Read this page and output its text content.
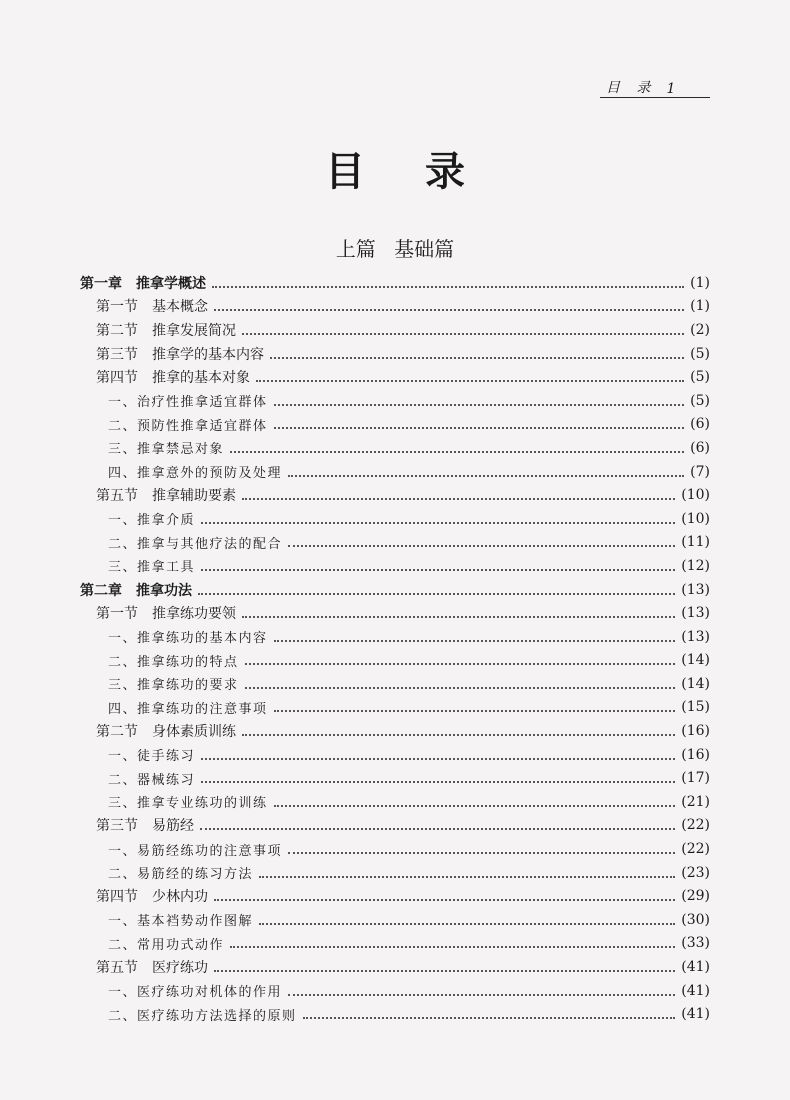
目 录 1
目录
上篇 基础篇
第一章 推拿学概述	(1)
第一节 基本概念	(1)
第二节 推拿发展简况	(2)
第三节 推拿学的基本内容	(5)
第四节 推拿的基本对象	(5)
一、治疗性推拿适宜群体	(5)
二、预防性推拿适宜群体	(6)
三、推拿禁忌对象	(6)
四、推拿意外的预防及处理	(7)
第五节 推拿辅助要素	(10)
一、推拿介质	(10)
二、推拿与其他疗法的配合	(11)
三、推拿工具	(12)
第二章 推拿功法	(13)
第一节 推拿练功要领	(13)
一、推拿练功的基本内容	(13)
二、推拿练功的特点	(14)
三、推拿练功的要求	(14)
四、推拿练功的注意事项	(15)
第二节 身体素质训练	(16)
一、徒手练习	(16)
二、器械练习	(17)
三、推拿专业练功的训练	(21)
第三节 易筋经	(22)
一、易筋经练功的注意事项	(22)
二、易筋经的练习方法	(23)
第四节 少林内功	(29)
一、基本裆势动作图解	(30)
二、常用功式动作	(33)
第五节 医疗练功	(41)
一、医疗练功对机体的作用	(41)
二、医疗练功方法选择的原则	(41)
